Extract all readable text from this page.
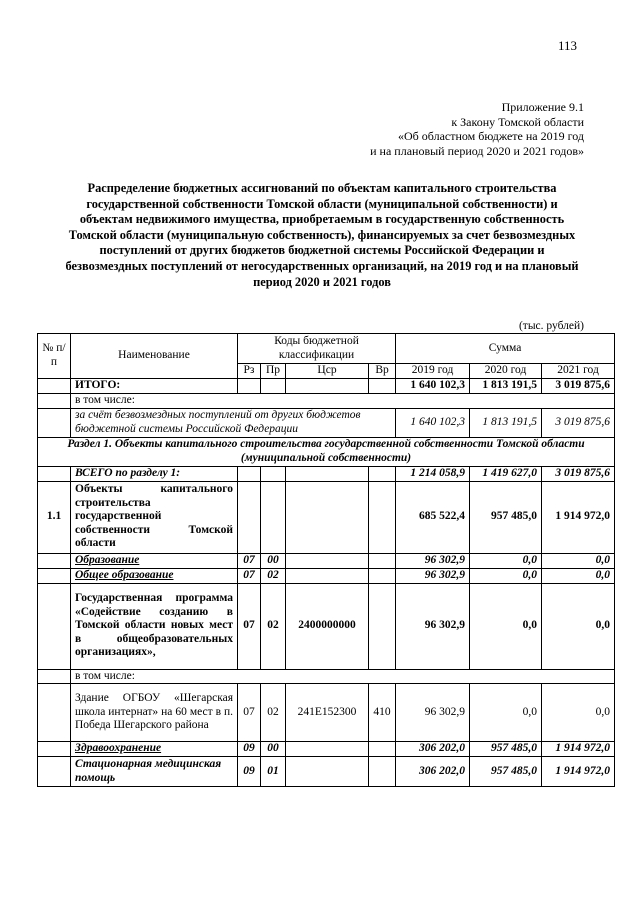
113
Приложение 9.1
к Закону Томской области
«Об областном бюджете на 2019 год
и на плановый период 2020 и 2021 годов»
Распределение бюджетных ассигнований по объектам капитального строительства государственной собственности Томской области (муниципальной собственности) и объектам недвижимого имущества, приобретаемым в государственную собственность Томской области (муниципальную собственность), финансируемых за счет безвозмездных поступлений от других бюджетов бюджетной системы Российской Федерации и безвозмездных поступлений от негосударственных организаций, на 2019 год и на плановый период 2020 и 2021 годов
(тыс. рублей)
№ п/п	Наименование	Коды бюджетной классификации				Сумма		
		Рз	Пр	Цср	Вр	2019 год	2020 год	2021 год
	ИТОГО:					1 640 102,3	1 813 191,5	3 019 875,6
	в том числе:							
	за счёт безвозмездных поступлений от других бюджетов бюджетной системы Российской Федерации					1 640 102,3	1 813 191,5	3 019 875,6
Раздел 1. Объекты капитального строительства государственной собственности Томской области (муниципальной собственности)								
	ВСЕГО по разделу 1:					1 214 058,9	1 419 627,0	3 019 875,6
1.1	Объекты капитального строительства государственной собственности Томской области					685 522,4	957 485,0	1 914 972,0
	Образование	07	00			96 302,9	0,0	0,0
	Общее образование	07	02			96 302,9	0,0	0,0
	Государственная программа «Содействие созданию в Томской области новых мест в общеобразовательных организациях»,	07	02	2400000000		96 302,9	0,0	0,0
	в том числе:							
	Здание ОГБОУ «Шегарская школа интернат» на 60 мест в п. Победа Шегарского района	07	02	241E152300	410	96 302,9	0,0	0,0
	Здравоохранение	09	00			306 202,0	957 485,0	1 914 972,0
	Стационарная медицинская помощь	09	01			306 202,0	957 485,0	1 914 972,0
